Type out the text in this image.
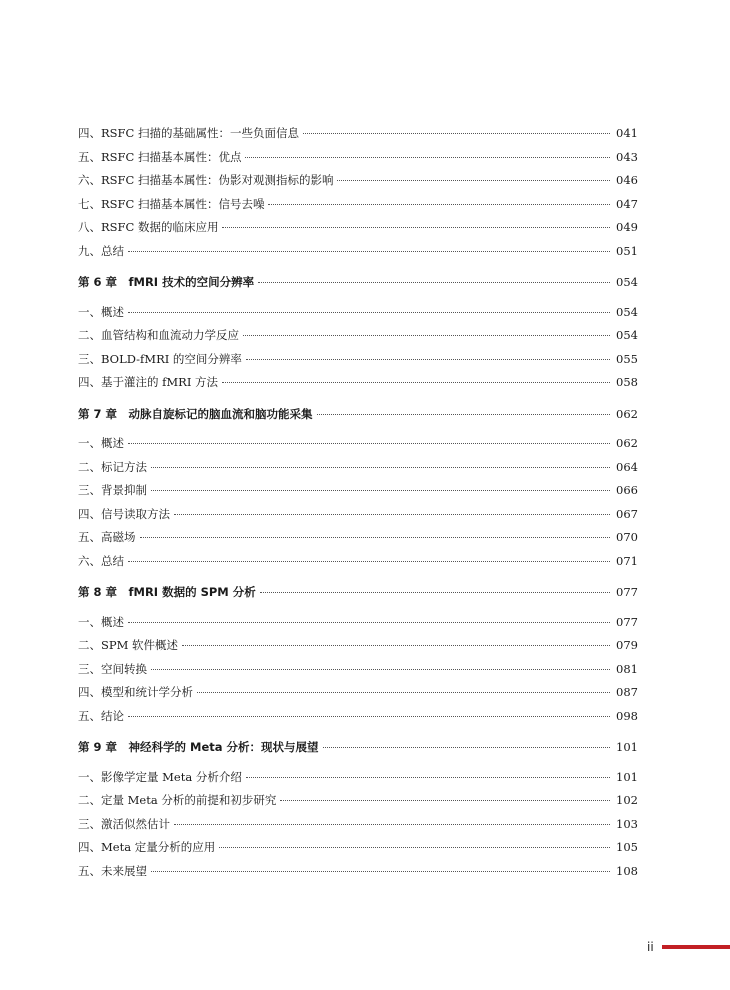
四、RSFC 扫描的基础属性：一些负面信息	041
五、RSFC 扫描基本属性：优点	043
六、RSFC 扫描基本属性：伪影对观测指标的影响	046
七、RSFC 扫描基本属性：信号去噪	047
八、RSFC 数据的临床应用	049
九、总结	051
第 6 章　fMRI 技术的空间分辨率	054
一、概述	054
二、血管结构和血流动力学反应	054
三、BOLD-fMRI 的空间分辨率	055
四、基于灌注的 fMRI 方法	058
第 7 章　动脉自旋标记的脑血流和脑功能采集	062
一、概述	062
二、标记方法	064
三、背景抑制	066
四、信号读取方法	067
五、高磁场	070
六、总结	071
第 8 章　fMRI 数据的 SPM 分析	077
一、概述	077
二、SPM 软件概述	079
三、空间转换	081
四、模型和统计学分析	087
五、结论	098
第 9 章　神经科学的 Meta 分析：现状与展望	101
一、影像学定量 Meta 分析介绍	101
二、定量 Meta 分析的前提和初步研究	102
三、激活似然估计	103
四、Meta 定量分析的应用	105
五、未来展望	108
ii
